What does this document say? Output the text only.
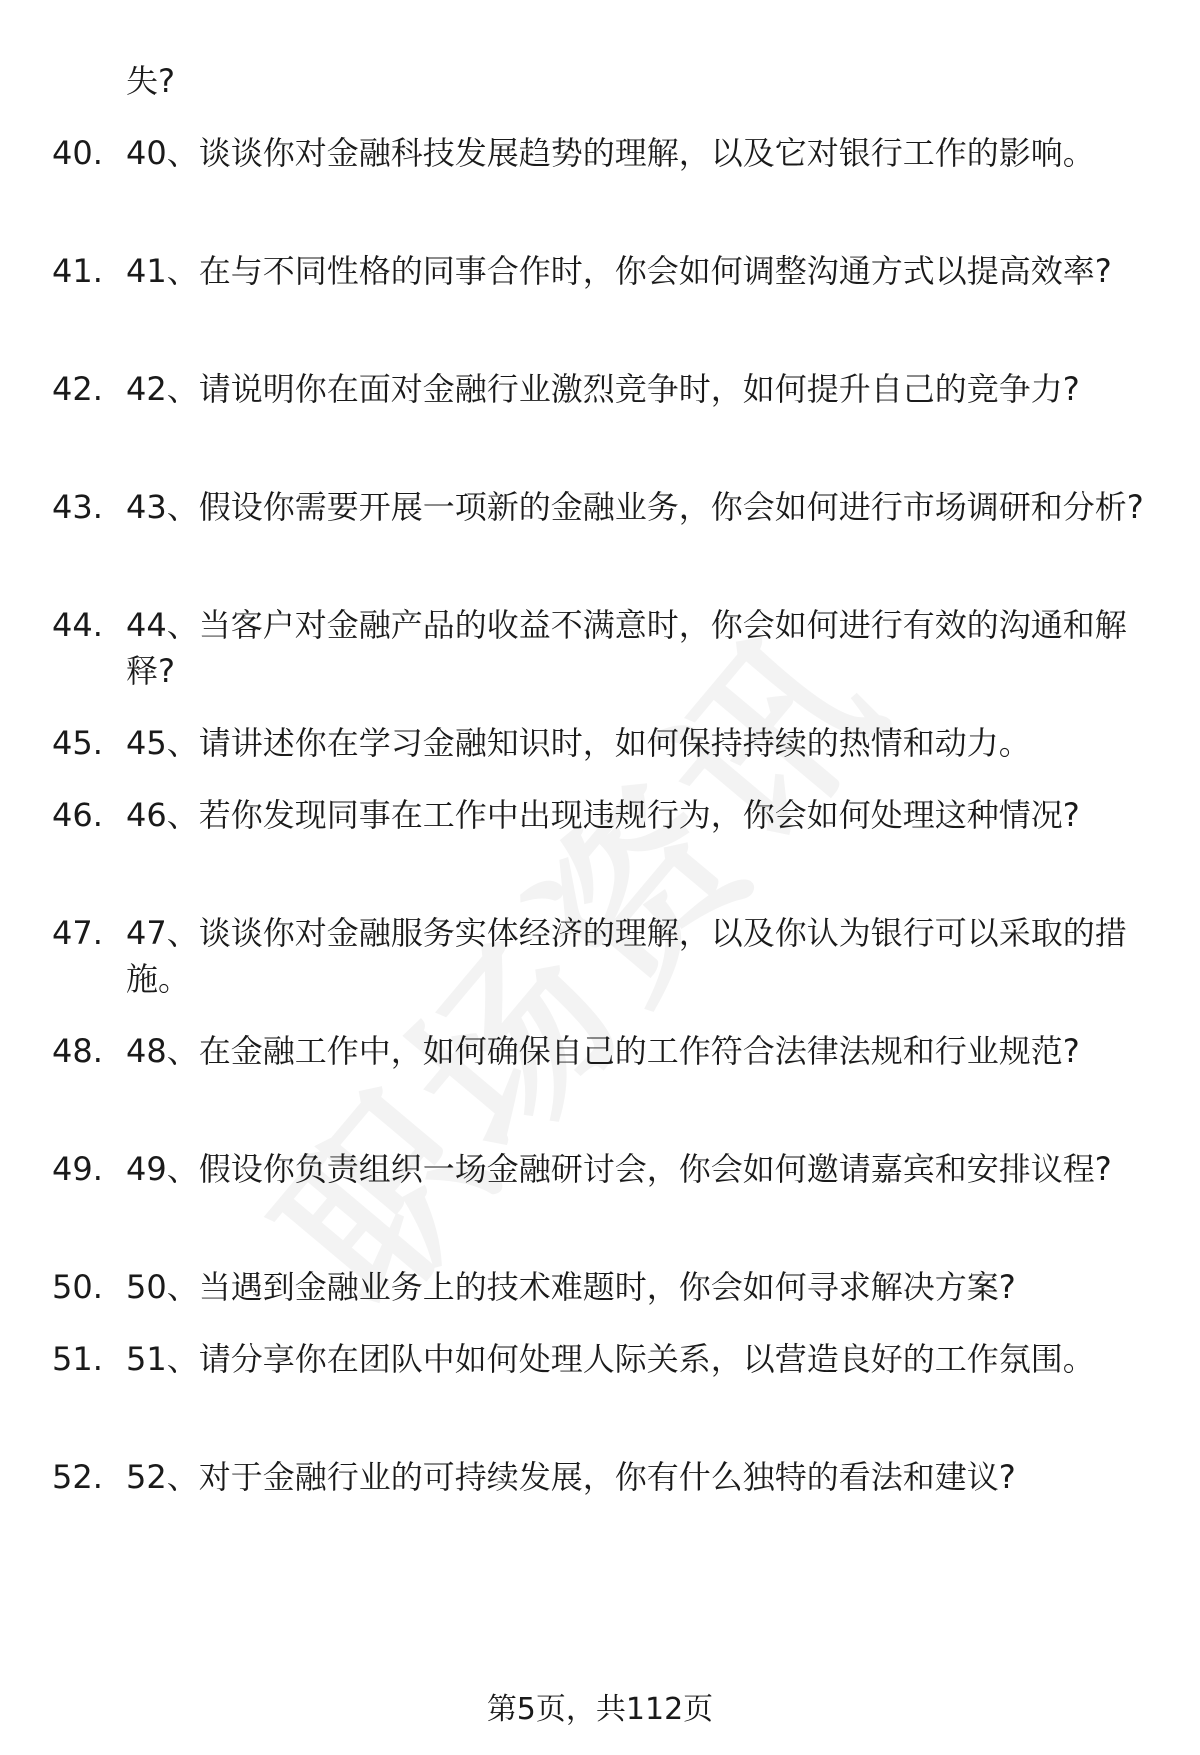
失?
40. 40、谈谈你对金融科技发展趋势的理解，以及它对银行工作的影响。
41. 41、在与不同性格的同事合作时，你会如何调整沟通方式以提高效率?
42. 42、请说明你在面对金融行业激烈竞争时，如何提升自己的竞争力?
43. 43、假设你需要开展一项新的金融业务，你会如何进行市场调研和分析?
44. 44、当客户对金融产品的收益不满意时，你会如何进行有效的沟通和解释?
45. 45、请讲述你在学习金融知识时，如何保持持续的热情和动力。
46. 46、若你发现同事在工作中出现违规行为，你会如何处理这种情况?
47. 47、谈谈你对金融服务实体经济的理解，以及你认为银行可以采取的措施。
48. 48、在金融工作中，如何确保自己的工作符合法律法规和行业规范?
49. 49、假设你负责组织一场金融研讨会，你会如何邀请嘉宾和安排议程?
50. 50、当遇到金融业务上的技术难题时，你会如何寻求解决方案?
51. 51、请分享你在团队中如何处理人际关系，以营造良好的工作氛围。
52. 52、对于金融行业的可持续发展，你有什么独特的看法和建议?
第5页，共112页
